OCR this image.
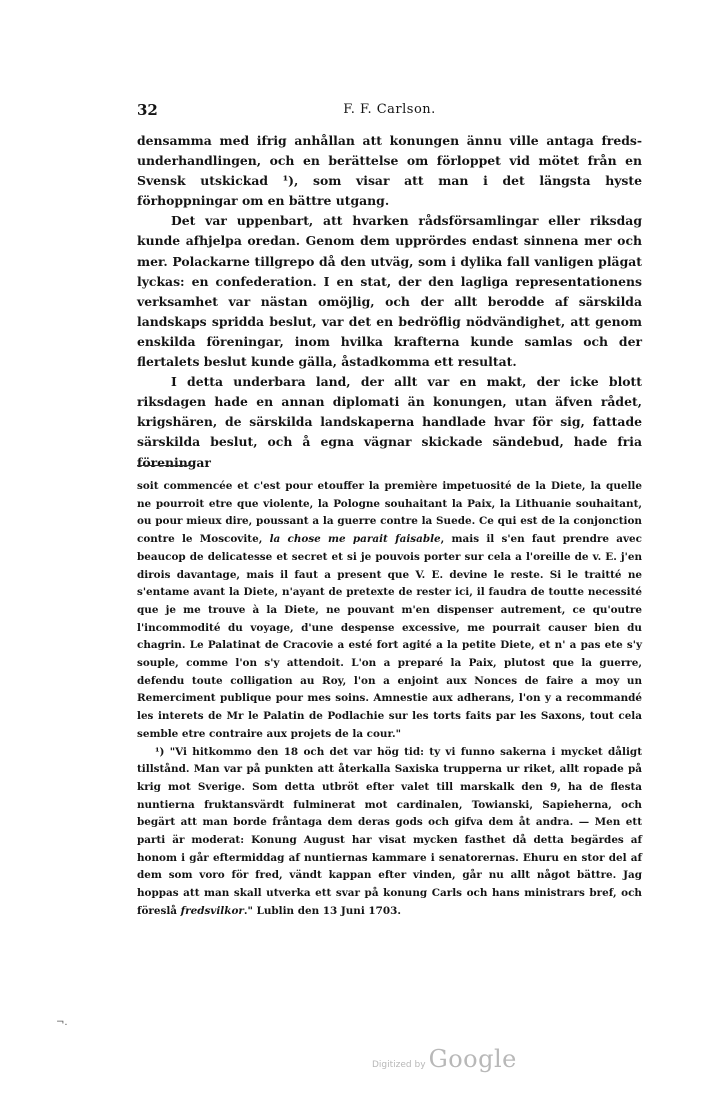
32	F. F. Carlson.

densamma med ifrig anhållan att konungen ännu ville antaga freds-underhandlingen, och en berättelse om förloppet vid mötet från en Svensk utskickad ¹), som visar att man i det längsta hyste förhoppningar om en bättre utgang.

Det var uppenbart, att hvarken rådsförsamlingar eller riksdag kunde afhjelpa oredan. Genom dem upprördes endast sinnena mer och mer. Polackarne tillgrepo då den utväg, som i dylika fall vanligen plägat lyckas: en confederation. I en stat, der den lagliga representationens verksamhet var nästan omöjlig, och der allt berodde af särskilda landskaps spridda beslut, var det en bedröflig nödvändighet, att genom enskilda föreningar, inom hvilka krafterna kunde samlas och der flertalets beslut kunde gälla, åstadkomma ett resultat.

I detta underbara land, der allt var en makt, der icke blott riksdagen hade en annan diplomati än konungen, utan äfven rådet, krigshären, de särskilda landskaperna handlade hvar för sig, fattade särskilda beslut, och å egna vägnar skickade sändebud, hade fria föreningar

soit commencée et c'est pour etouffer la première impetuosité de la Diete, la quelle ne pourroit etre que violente, la Pologne souhaitant la Paix, la Lithuanie souhaitant, ou pour mieux dire, poussant a la guerre contre la Suede. Ce qui est de la conjonction contre le Moscovite, la chose me parait faisable, mais il s'en faut prendre avec beaucop de delicatesse et secret et si je pouvois porter sur cela a l'oreille de v. E. j'en dirois davantage, mais il faut a present que V. E. devine le reste. Si le traitté ne s'entame avant la Diete, n'ayant de pretexte de rester ici, il faudra de toutte necessité que je me trouve à la Diete, ne pouvant m'en dispenser autrement, ce qu'outre l'incommodité du voyage, d'une despense excessive, me pourrait causer bien du chagrin. Le Palatinat de Cracovie a esté fort agité a la petite Diete, et n' a pas ete s'y souple, comme l'on s'y attendoit. L'on a preparé la Paix, plutost que la guerre, defendu toute colligation au Roy, l'on a enjoint aux Nonces de faire a moy un Remerciment publique pour mes soins. Amnestie aux adherans, l'on y a recommandé les interets de Mr le Palatin de Podlachie sur les torts faits par les Saxons, tout cela semble etre contraire aux projets de la cour."

¹) "Vi hitkommo den 18 och det var hög tid: ty vi funno sakerna i mycket dåligt tillstånd. Man var på punkten att återkalla Saxiska trupperna ur riket, allt ropade på krig mot Sverige. Som detta utbröt efter valet till marskalk den 9, ha de flesta nuntierna fruktansvärdt fulminerat mot cardinalen, Towianski, Sapieherna, och begärt att man borde fråntaga dem deras gods och gifva dem åt andra. — Men ett parti är moderat: Konung August har visat mycken fasthet då detta begärdes af honom i går eftermiddag af nuntiernas kammare i senatorernas. Ehuru en stor del af dem som voro för fred, vändt kappan efter vinden, går nu allt något bättre. Jag hoppas att man skall utverka ett svar på konung Carls och hans ministrars bref, och föreslå fredsvilkor." Lublin den 13 Juni 1703.

¬.
Digitized by Google
